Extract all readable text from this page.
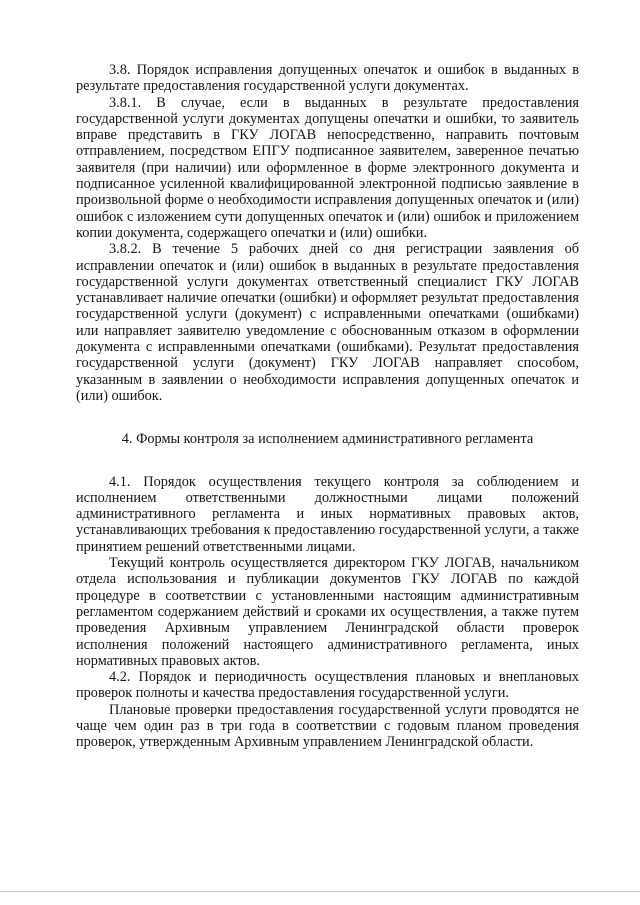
3.8. Порядок исправления допущенных опечаток и ошибок в выданных в результате предоставления государственной услуги документах.

3.8.1. В случае, если в выданных в результате предоставления государственной услуги документах допущены опечатки и ошибки, то заявитель вправе представить в ГКУ ЛОГАВ непосредственно, направить почтовым отправлением, посредством ЕПГУ подписанное заявителем, заверенное печатью заявителя (при наличии) или оформленное в форме электронного документа и подписанное усиленной квалифицированной электронной подписью заявление в произвольной форме о необходимости исправления допущенных опечаток и (или) ошибок с изложением сути допущенных опечаток и (или) ошибок и приложением копии документа, содержащего опечатки и (или) ошибки.

3.8.2. В течение 5 рабочих дней со дня регистрации заявления об исправлении опечаток и (или) ошибок в выданных в результате предоставления государственной услуги документах ответственный специалист ГКУ ЛОГАВ устанавливает наличие опечатки (ошибки) и оформляет результат предоставления государственной услуги (документ) с исправленными опечатками (ошибками) или направляет заявителю уведомление с обоснованным отказом в оформлении документа с исправленными опечатками (ошибками). Результат предоставления государственной услуги (документ) ГКУ ЛОГАВ направляет способом, указанным в заявлении о необходимости исправления допущенных опечаток и (или) ошибок.

4. Формы контроля за исполнением административного регламента

4.1. Порядок осуществления текущего контроля за соблюдением и исполнением ответственными должностными лицами положений административного регламента и иных нормативных правовых актов, устанавливающих требования к предоставлению государственной услуги, а также принятием решений ответственными лицами.

Текущий контроль осуществляется директором ГКУ ЛОГАВ, начальником отдела использования и публикации документов ГКУ ЛОГАВ по каждой процедуре в соответствии с установленными настоящим административным регламентом содержанием действий и сроками их осуществления, а также путем проведения Архивным управлением Ленинградской области проверок исполнения положений настоящего административного регламента, иных нормативных правовых актов.

4.2. Порядок и периодичность осуществления плановых и внеплановых проверок полноты и качества предоставления государственной услуги.

Плановые проверки предоставления государственной услуги проводятся не чаще чем один раз в три года в соответствии с годовым планом проведения проверок, утвержденным Архивным управлением Ленинградской области.
